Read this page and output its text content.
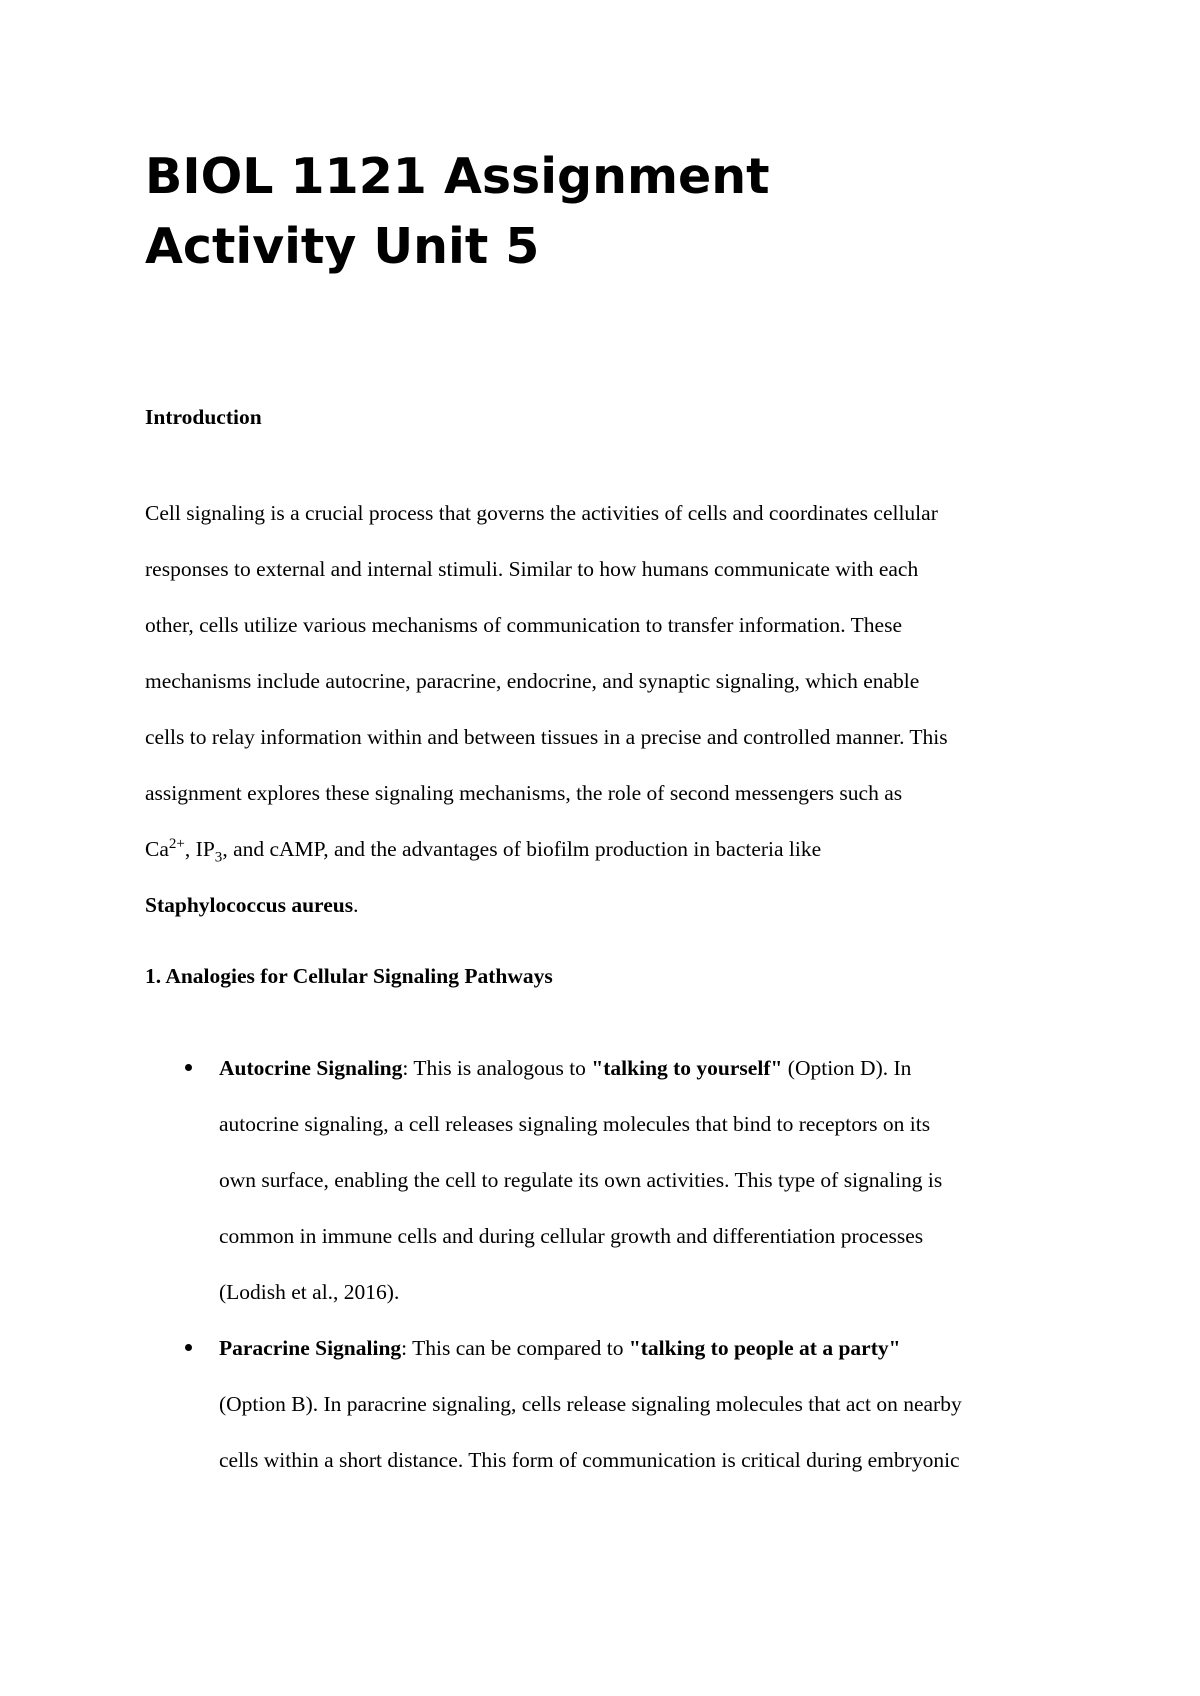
BIOL 1121 Assignment
Activity Unit 5
Introduction
Cell signaling is a crucial process that governs the activities of cells and coordinates cellular
responses to external and internal stimuli. Similar to how humans communicate with each
other, cells utilize various mechanisms of communication to transfer information. These
mechanisms include autocrine, paracrine, endocrine, and synaptic signaling, which enable
cells to relay information within and between tissues in a precise and controlled manner. This
assignment explores these signaling mechanisms, the role of second messengers such as
$Ca^{2+}$, $IP_3$, and cAMP, and the advantages of biofilm production in bacteria like
Staphylococcus aureus.
1. Analogies for Cellular Signaling Pathways
Autocrine Signaling: This is analogous to "talking to yourself" (Option D). In
autocrine signaling, a cell releases signaling molecules that bind to receptors on its
own surface, enabling the cell to regulate its own activities. This type of signaling is
common in immune cells and during cellular growth and differentiation processes
(Lodish et al., 2016).
Paracrine Signaling: This can be compared to "talking to people at a party"
(Option B). In paracrine signaling, cells release signaling molecules that act on nearby
cells within a short distance. This form of communication is critical during embryonic
